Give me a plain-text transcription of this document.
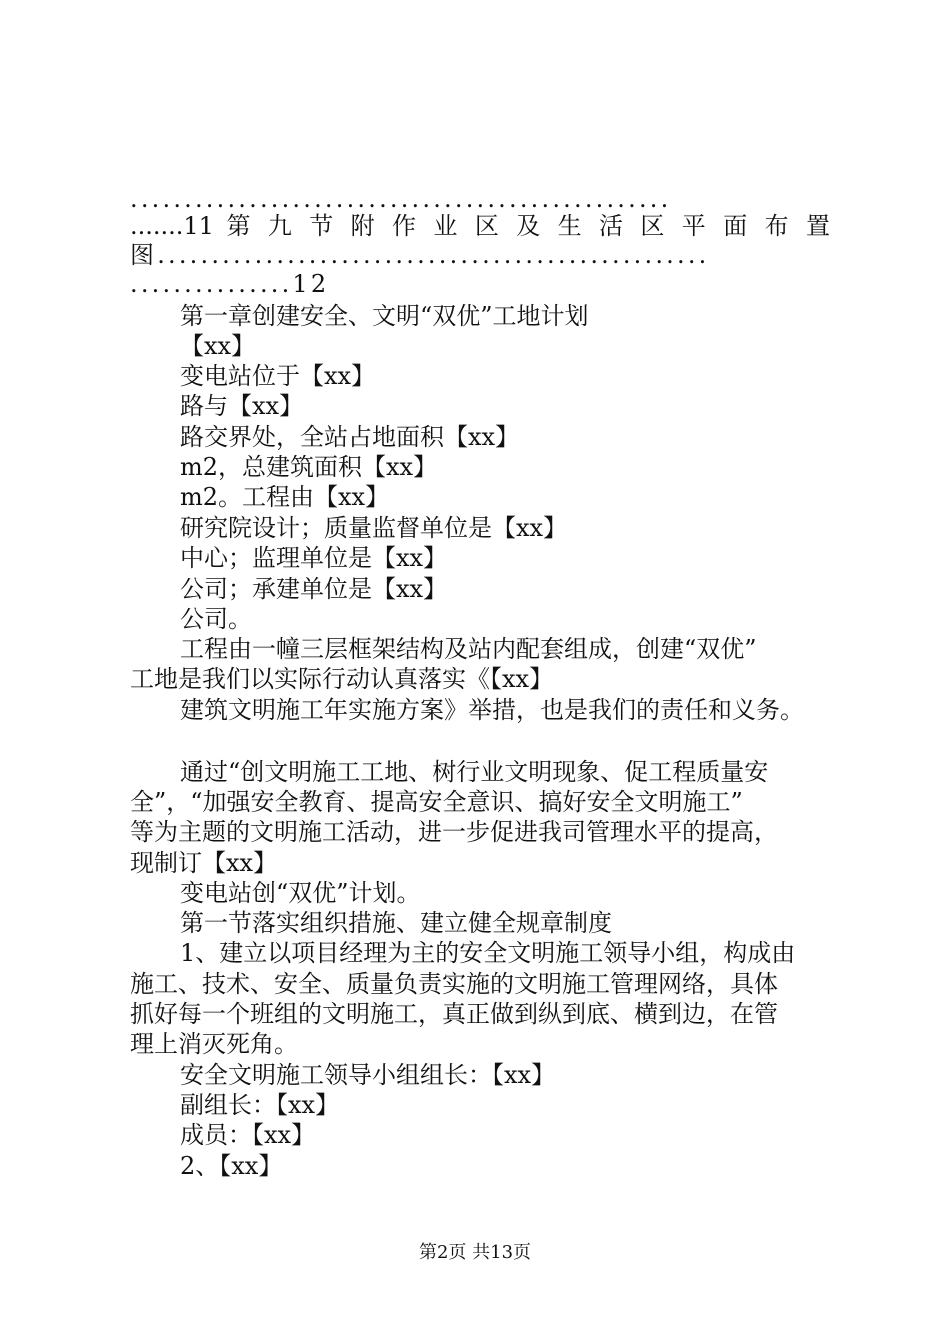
..................................................
.......11 第 九 节 附 作 业 区 及 生 活 区 平 面 布 置
图...................................................
...............12
第一章创建安全、文明“双优”工地计划
【xx】
变电站位于【xx】
路与【xx】
路交界处，全站占地面积【xx】
m2，总建筑面积【xx】
m2。工程由【xx】
研究院设计；质量监督单位是【xx】
中心；监理单位是【xx】
公司；承建单位是【xx】
公司。
工程由一幢三层框架结构及站内配套组成，创建“双优”
工地是我们以实际行动认真落实《【xx】
建筑文明施工年实施方案》举措，也是我们的责任和义务。
通过“创文明施工工地、树行业文明现象、促工程质量安
全”，“加强安全教育、提高安全意识、搞好安全文明施工”
等为主题的文明施工活动，进一步促进我司管理水平的提高，
现制订【xx】
变电站创“双优”计划。
第一节落实组织措施、建立健全规章制度
1、建立以项目经理为主的安全文明施工领导小组，构成由
施工、技术、安全、质量负责实施的文明施工管理网络，具体
抓好每一个班组的文明施工，真正做到纵到底、横到边，在管
理上消灭死角。
安全文明施工领导小组组长：【xx】
副组长：【xx】
成员：【xx】
2、【xx】
第2页 共13页
